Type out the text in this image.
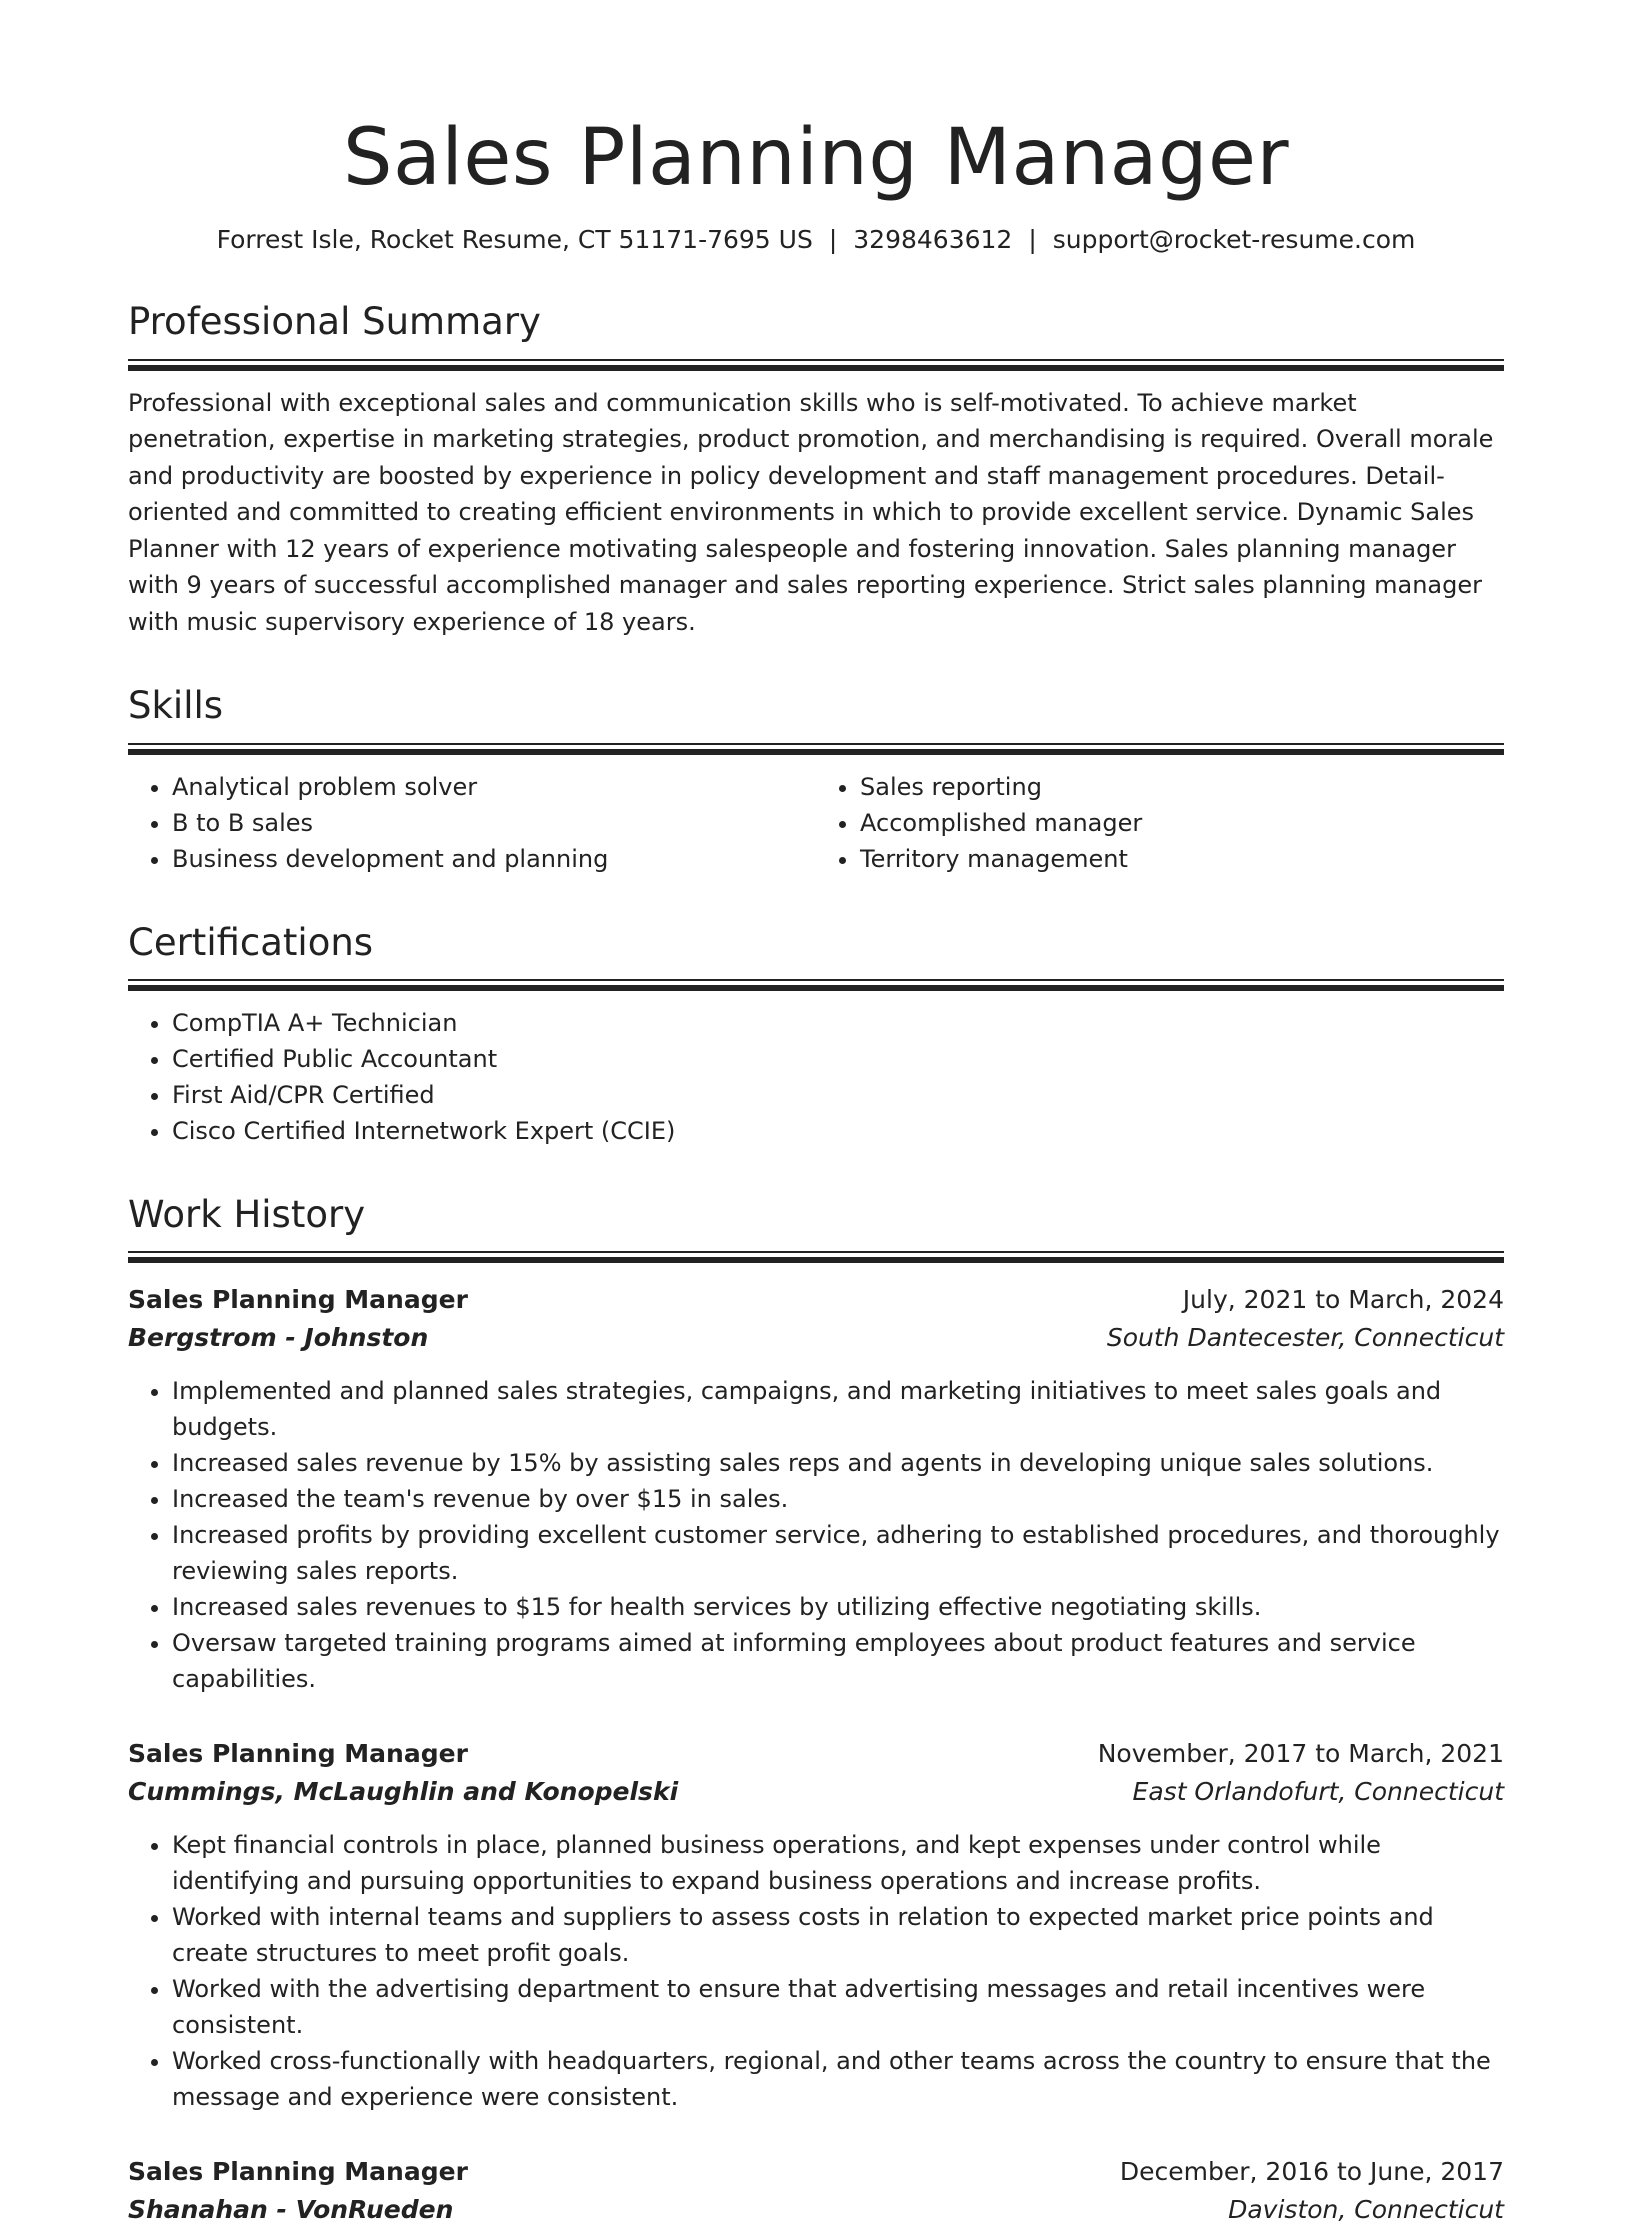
Sales Planning Manager
Forrest Isle, Rocket Resume, CT 51171-7695 US | 3298463612 | support@rocket-resume.com
Professional Summary

Professional with exceptional sales and communication skills who is self-motivated. To achieve market penetration, expertise in marketing strategies, product promotion, and merchandising is required. Overall morale and productivity are boosted by experience in policy development and staff management procedures. Detail-oriented and committed to creating efficient environments in which to provide excellent service. Dynamic Sales Planner with 12 years of experience motivating salespeople and fostering innovation. Sales planning manager with 9 years of successful accomplished manager and sales reporting experience. Strict sales planning manager with music supervisory experience of 18 years.

Skills
• Analytical problem solver
• B to B sales
• Business development and planning
• Sales reporting
• Accomplished manager
• Territory management
Certifications
• CompTIA A+ Technician
• Certified Public Accountant
• First Aid/CPR Certified
• Cisco Certified Internetwork Expert (CCIE)
Work History
Sales Planning Manager	July, 2021 to March, 2024
Bergstrom - Johnston	South Dantecester, Connecticut
• Implemented and planned sales strategies, campaigns, and marketing initiatives to meet sales goals and budgets.
• Increased sales revenue by 15% by assisting sales reps and agents in developing unique sales solutions.
• Increased the team's revenue by over $15 in sales.
• Increased profits by providing excellent customer service, adhering to established procedures, and thoroughly reviewing sales reports.
• Increased sales revenues to $15 for health services by utilizing effective negotiating skills.
• Oversaw targeted training programs aimed at informing employees about product features and service capabilities.
Sales Planning Manager	November, 2017 to March, 2021
Cummings, McLaughlin and Konopelski	East Orlandofurt, Connecticut
• Kept financial controls in place, planned business operations, and kept expenses under control while identifying and pursuing opportunities to expand business operations and increase profits.
• Worked with internal teams and suppliers to assess costs in relation to expected market price points and create structures to meet profit goals.
• Worked with the advertising department to ensure that advertising messages and retail incentives were consistent.
• Worked cross-functionally with headquarters, regional, and other teams across the country to ensure that the message and experience were consistent.
Sales Planning Manager	December, 2016 to June, 2017
Shanahan - VonRueden	Daviston, Connecticut
